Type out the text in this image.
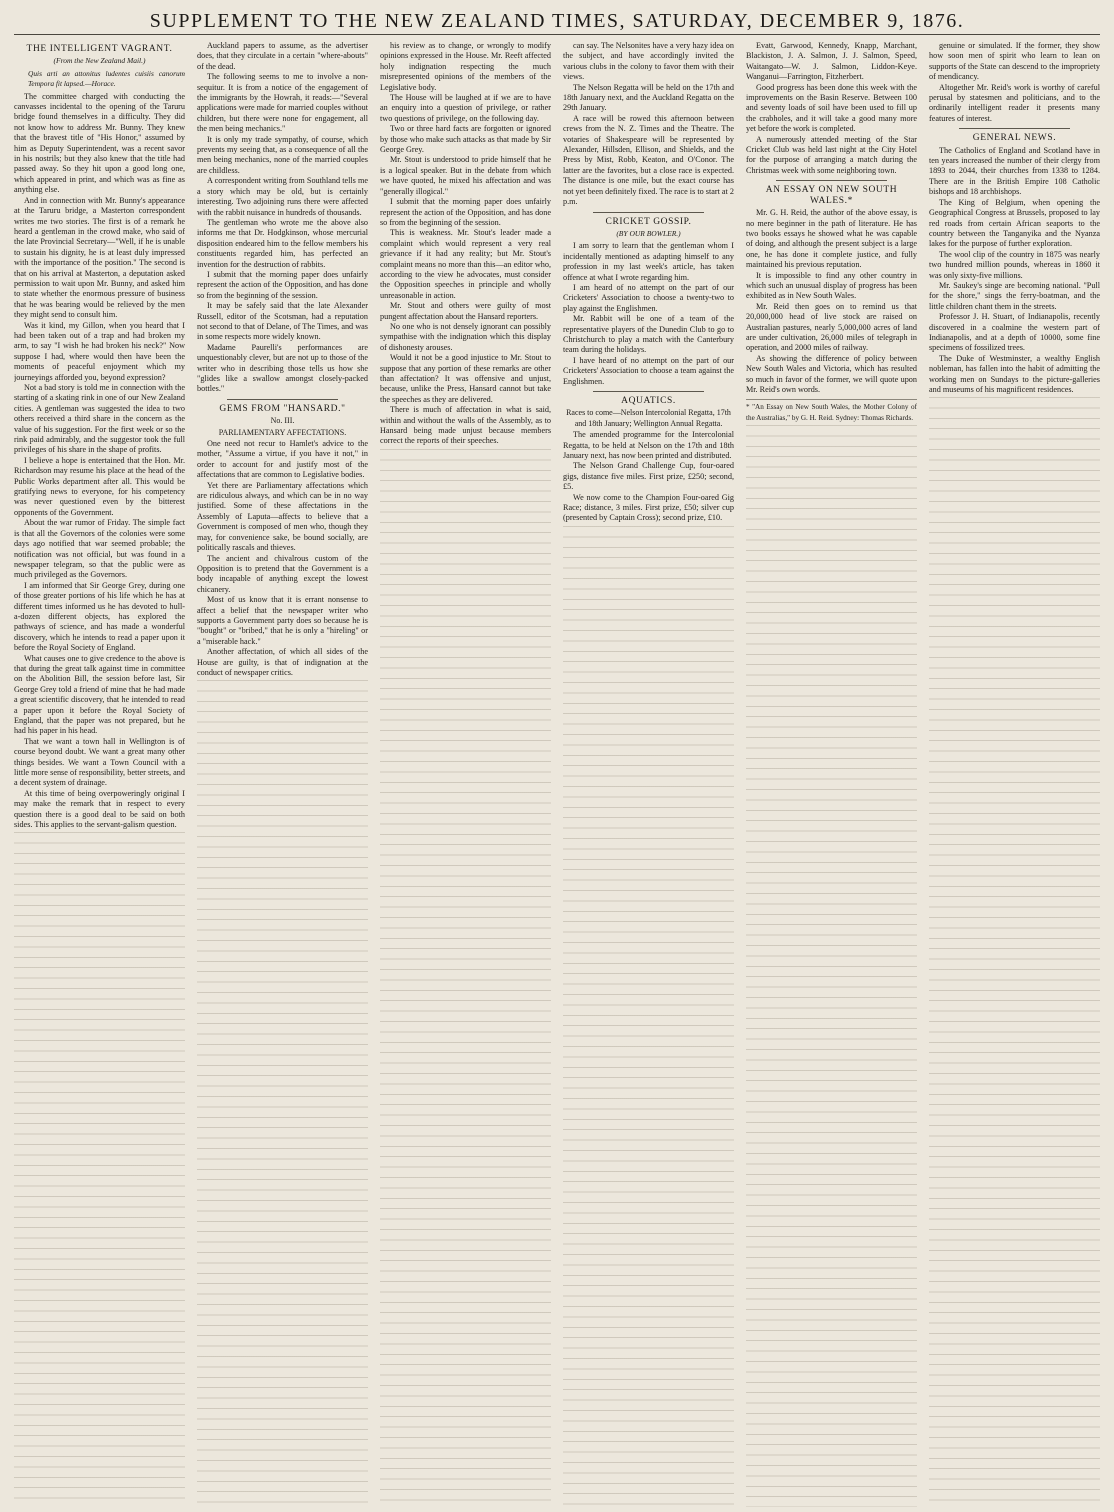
SUPPLEMENT TO THE NEW ZEALAND TIMES, SATURDAY, DECEMBER 9, 1876.
THE INTELLIGENT VAGRANT.
(From the New Zealand Mail.)
Quis arti an attonitus ludentes cuisiis canorum Tempora fit lapsed.—Horace.

The committee charged with conducting the canvasses incidental to the opening of the Taruru bridge found themselves in a difficulty. They did not know how to address Mr. Bunny. They knew that the bravest title of "His Honor," assumed by him as Deputy Superintendent, was a recent savor in his nostrils; but they also knew that the title had passed away. So they hit upon a good long one, which appeared in print, and which was as fine as anything else.

And in connection with Mr. Bunny's appearance at the Taruru bridge, a Masterton correspondent writes me two stories. The first is of a remark he heard a gentleman in the crowd make, who said of the late Provincial Secretary—"Well, if he is unable to sustain his dignity, he is at least duly impressed with the importance of the position." The second is that on his arrival at Masterton, a deputation asked permission to wait upon Mr. Bunny, and asked him to state whether the enormous pressure of business that he was bearing would be relieved by the men they might send to consult him.

Was it kind, my Gillon, when you heard that I had been taken out of a trap and had broken my arm, to say "I wish he had broken his neck?" Now suppose I had, where would then have been the moments of peaceful enjoyment which my journeyings afforded you, beyond expression?

Not a bad story is told me in connection with the starting of a skating rink in one of our New Zealand cities. A gentleman was suggested the idea to two others received a third share in the concern as the value of his suggestion. For the first week or so the rink paid admirably, and the suggestor took the full privileges of his share in the shape of profits.

I believe a hope is entertained that the Hon. Mr. Richardson may resume his place at the head of the Public Works department after all. This would be gratifying news to everyone, for his competency was never questioned even by the bitterest opponents of the Government.

About the war rumor of Friday. The simple fact is that all the Governors of the colonies were some days ago notified that war seemed probable; the notification was not official, but was found in a newspaper telegram, so that the public were as much privileged as the Governors.

I am informed that Sir George Grey, during one of those greater portions of his life which he has at different times informed us he has devoted to hull-a-dozen different objects, has explored the pathways of science, and has made a wonderful discovery, which he intends to read a paper upon it before the Royal Society of England.

What causes one to give credence to the above is that during the great talk against time in committee on the Abolition Bill, the session before last, Sir George Grey told a friend of mine that he had made a great scientific discovery, that he intended to read a paper upon it before the Royal Society of England, that the paper was not prepared, but he had his paper in his head.

That we want a town hall in Wellington is of course beyond doubt. We want a great many other things besides. We want a Town Council with a little more sense of responsibility, better streets, and a decent system of drainage.

At this time of being overpoweringly original I may make the remark that in respect to every question there is a good deal to be said on both sides. This applies to the servant-galism question.

Auckland papers to assume, as the advertiser does, that they circulate in a certain "where-abouts" of the dead.

The following seems to me to involve a non-sequitur. It is from a notice of the engagement of the immigrants by the Howrah, it reads:—"Several applications were made for married couples without children, but there were none for engagement, all the men being mechanics."

It is only my trade sympathy, of course, which prevents my seeing that, as a consequence of all the men being mechanics, none of the married couples are childless.

A correspondent writing from Southland tells me a story which may be old, but is certainly interesting. Two adjoining runs there were affected with the rabbit nuisance in hundreds of thousands.

The gentleman who wrote me the above also informs me that Dr. Hodgkinson, whose mercurial disposition endeared him to the fellow members his constituents regarded him, has perfected an invention for the destruction of rabbits.

I submit that the morning paper does unfairly represent the action of the Opposition, and has done so from the beginning of the session.

It may be safely said that the late Alexander Russell, editor of the Scotsman, had a reputation not second to that of Delane, of The Times, and was in some respects more widely known.

Madame Paurelli's performances are unquestionably clever, but are not up to those of the writer who in describing those tells us how she "glides like a swallow amongst closely-packed bottles."

GEMS FROM "HANSARD."
No. III.
PARLIAMENTARY AFFECTATIONS.

One need not recur to Hamlet's advice to the mother, "Assume a virtue, if you have it not," in order to account for and justify most of the affectations that are common to Legislative bodies.

Yet there are Parliamentary affectations which are ridiculous always, and which can be in no way justified. Some of these affectations in the Assembly of Laputa—affects to believe that a Government is composed of men who, though they may, for convenience sake, be bound socially, are politically rascals and thieves.

The ancient and chivalrous custom of the Opposition is to pretend that the Government is a body incapable of anything except the lowest chicanery.

Most of us know that it is errant nonsense to affect a belief that the newspaper writer who supports a Government party does so because he is "bought" or "bribed," that he is only a "hireling" or a "miserable hack."

Another affectation, of which all sides of the House are guilty, is that of indignation at the conduct of newspaper critics.

his review as to change, or wrongly to modify opinions expressed in the House. Mr. Reeft affected holy indignation respecting the much misrepresented opinions of the members of the Legislative body.

The House will be laughed at if we are to have an enquiry into a question of privilege, or rather two questions of privilege, on the following day.

Two or three hard facts are forgotten or ignored by those who make such attacks as that made by Sir George Grey.

Mr. Stout is understood to pride himself that he is a logical speaker. But in the debate from which we have quoted, he mixed his affectation and was "generally illogical."

I submit that the morning paper does unfairly represent the action of the Opposition, and has done so from the beginning of the session.

This is weakness. Mr. Stout's leader made a complaint which would represent a very real grievance if it had any reality; but Mr. Stout's complaint means no more than this—an editor who, according to the view he advocates, must consider the Opposition speeches in principle and wholly unreasonable in action.

Mr. Stout and others were guilty of most pungent affectation about the Hansard reporters.

No one who is not densely ignorant can possibly sympathise with the indignation which this display of dishonesty arouses.

Would it not be a good injustice to Mr. Stout to suppose that any portion of these remarks are other than affectation? It was offensive and unjust, because, unlike the Press, Hansard cannot but take the speeches as they are delivered.

There is much of affectation in what is said, within and without the walls of the Assembly, as to Hansard being made unjust because members correct the reports of their speeches.

can say. The Nelsonites have a very hazy idea on the subject, and have accordingly invited the various clubs in the colony to favor them with their views.

The Nelson Regatta will be held on the 17th and 18th January next, and the Auckland Regatta on the 29th January.

A race will be rowed this afternoon between crews from the N. Z. Times and the Theatre. The votaries of Shakespeare will be represented by Alexander, Hillsden, Ellison, and Shields, and the Press by Mist, Robb, Keaton, and O'Conor. The latter are the favorites, but a close race is expected. The distance is one mile, but the exact course has not yet been definitely fixed. The race is to start at 2 p.m.

CRICKET GOSSIP.
(BY OUR BOWLER.)

I am sorry to learn that the gentleman whom I incidentally mentioned as adapting himself to any profession in my last week's article, has taken offence at what I wrote regarding him.

I am heard of no attempt on the part of our Cricketers' Association to choose a twenty-two to play against the Englishmen.

Mr. Rabbit will be one of a team of the representative players of the Dunedin Club to go to Christchurch to play a match with the Canterbury team during the holidays.

I have heard of no attempt on the part of our Cricketers' Association to choose a team against the Englishmen.

AQUATICS.
Races to come—Nelson Intercolonial Regatta, 17th and 18th January; Wellington Annual Regatta.

The amended programme for the Intercolonial Regatta, to be held at Nelson on the 17th and 18th January next, has now been printed and distributed.

The Nelson Grand Challenge Cup, four-oared gigs, distance five miles. First prize, £250; second, £5.

We now come to the Champion Four-oared Gig Race; distance, 3 miles. First prize, £50; silver cup (presented by Captain Cross); second prize, £10.

Evatt, Garwood, Kennedy, Knapp, Marchant, Blackiston, J. A. Salmon, J. J. Salmon, Speed, Waitangato—W. J. Salmon, Liddon-Keye. Wanganui—Farrington, Fitzherbert.

Good progress has been done this week with the improvements on the Basin Reserve. Between 100 and seventy loads of soil have been used to fill up the crabholes, and it will take a good many more yet before the work is completed.

A numerously attended meeting of the Star Cricket Club was held last night at the City Hotel for the purpose of arranging a match during the Christmas week with some neighboring town.

AN ESSAY ON NEW SOUTH WALES.*

Mr. G. H. Reid, the author of the above essay, is no mere beginner in the path of literature. He has two books essays he showed what he was capable of doing, and although the present subject is a large one, he has done it complete justice, and fully maintained his previous reputation.

It is impossible to find any other country in which such an unusual display of progress has been exhibited as in New South Wales.

Mr. Reid then goes on to remind us that 20,000,000 head of live stock are raised on Australian pastures, nearly 5,000,000 acres of land are under cultivation, 26,000 miles of telegraph in operation, and 2000 miles of railway.

As showing the difference of policy between New South Wales and Victoria, which has resulted so much in favor of the former, we will quote upon Mr. Reid's own words.

* "An Essay on New South Wales, the Mother Colony of the Australias," by G. H. Reid. Sydney: Thomas Richards.

genuine or simulated. If the former, they show how soon men of spirit who learn to lean on supports of the State can descend to the impropriety of mendicancy.

Altogether Mr. Reid's work is worthy of careful perusal by statesmen and politicians, and to the ordinarily intelligent reader it presents many features of interest.

GENERAL NEWS.

The Catholics of England and Scotland have in ten years increased the number of their clergy from 1893 to 2044, their churches from 1338 to 1284. There are in the British Empire 108 Catholic bishops and 18 archbishops.

The King of Belgium, when opening the Geographical Congress at Brussels, proposed to lay red roads from certain African seaports to the country between the Tanganyika and the Nyanza lakes for the purpose of further exploration.

The wool clip of the country in 1875 was nearly two hundred million pounds, whereas in 1860 it was only sixty-five millions.

Mr. Saukey's singe are becoming national. "Pull for the shore," sings the ferry-boatman, and the little children chant them in the streets.

Professor J. H. Stuart, of Indianapolis, recently discovered in a coalmine the western part of Indianapolis, and at a depth of 10000, some fine specimens of fossilized trees.

The Duke of Westminster, a wealthy English nobleman, has fallen into the habit of admitting the working men on Sundays to the picture-galleries and museums of his magnificent residences.
